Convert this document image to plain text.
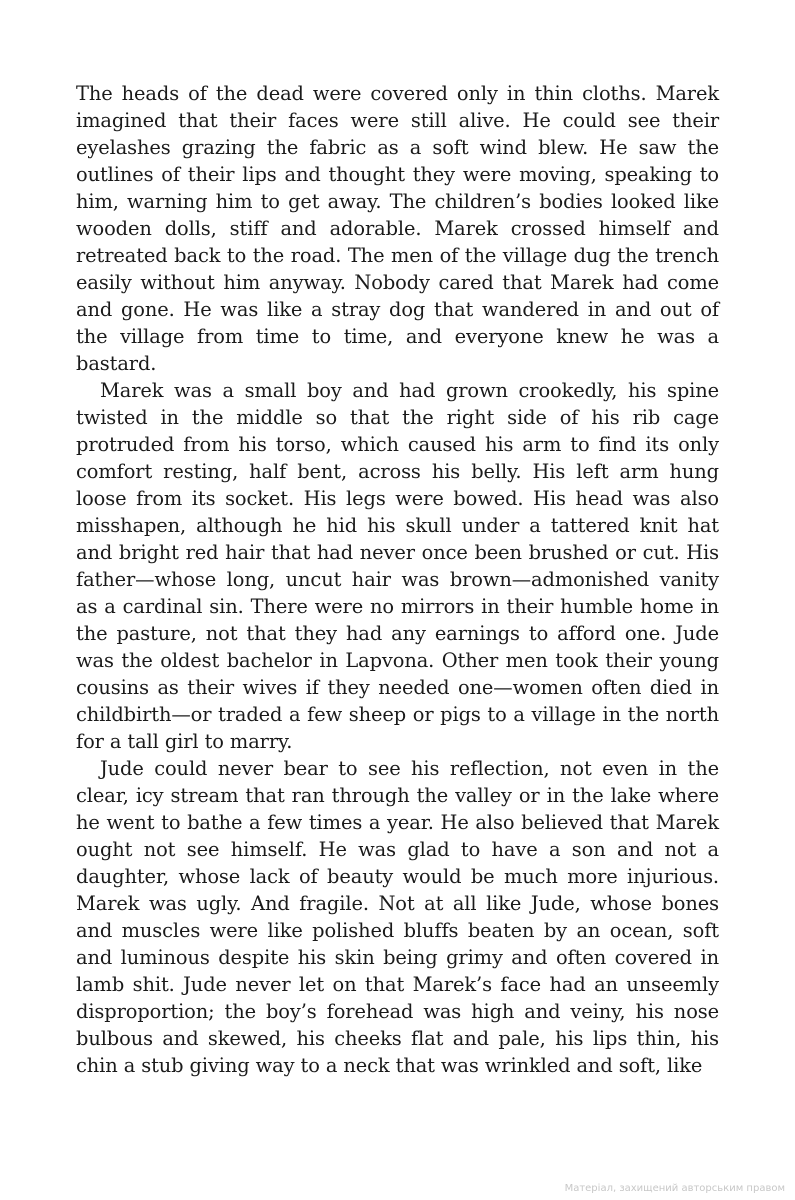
The heads of the dead were covered only in thin cloths. Marek imagined that their faces were still alive. He could see their eyelashes grazing the fabric as a soft wind blew. He saw the outlines of their lips and thought they were moving, speaking to him, warning him to get away. The children’s bodies looked like wooden dolls, stiff and adorable. Marek crossed himself and retreated back to the road. The men of the village dug the trench easily without him anyway. Nobody cared that Marek had come and gone. He was like a stray dog that wandered in and out of the village from time to time, and everyone knew he was a bastard.

Marek was a small boy and had grown crookedly, his spine twisted in the middle so that the right side of his rib cage protruded from his torso, which caused his arm to find its only comfort resting, half bent, across his belly. His left arm hung loose from its socket. His legs were bowed. His head was also misshapen, although he hid his skull under a tattered knit hat and bright red hair that had never once been brushed or cut. His father—whose long, uncut hair was brown—admonished vanity as a cardinal sin. There were no mirrors in their humble home in the pasture, not that they had any earnings to afford one. Jude was the oldest bachelor in Lapvona. Other men took their young cousins as their wives if they needed one—women often died in childbirth—or traded a few sheep or pigs to a village in the north for a tall girl to marry.

Jude could never bear to see his reflection, not even in the clear, icy stream that ran through the valley or in the lake where he went to bathe a few times a year. He also believed that Marek ought not see himself. He was glad to have a son and not a daughter, whose lack of beauty would be much more injurious. Marek was ugly. And fragile. Not at all like Jude, whose bones and muscles were like polished bluffs beaten by an ocean, soft and luminous despite his skin being grimy and often covered in lamb shit. Jude never let on that Marek’s face had an unseemly disproportion; the boy’s forehead was high and veiny, his nose bulbous and skewed, his cheeks flat and pale, his lips thin, his chin a stub giving way to a neck that was wrinkled and soft, like

Матеріал, захищений авторським правом
